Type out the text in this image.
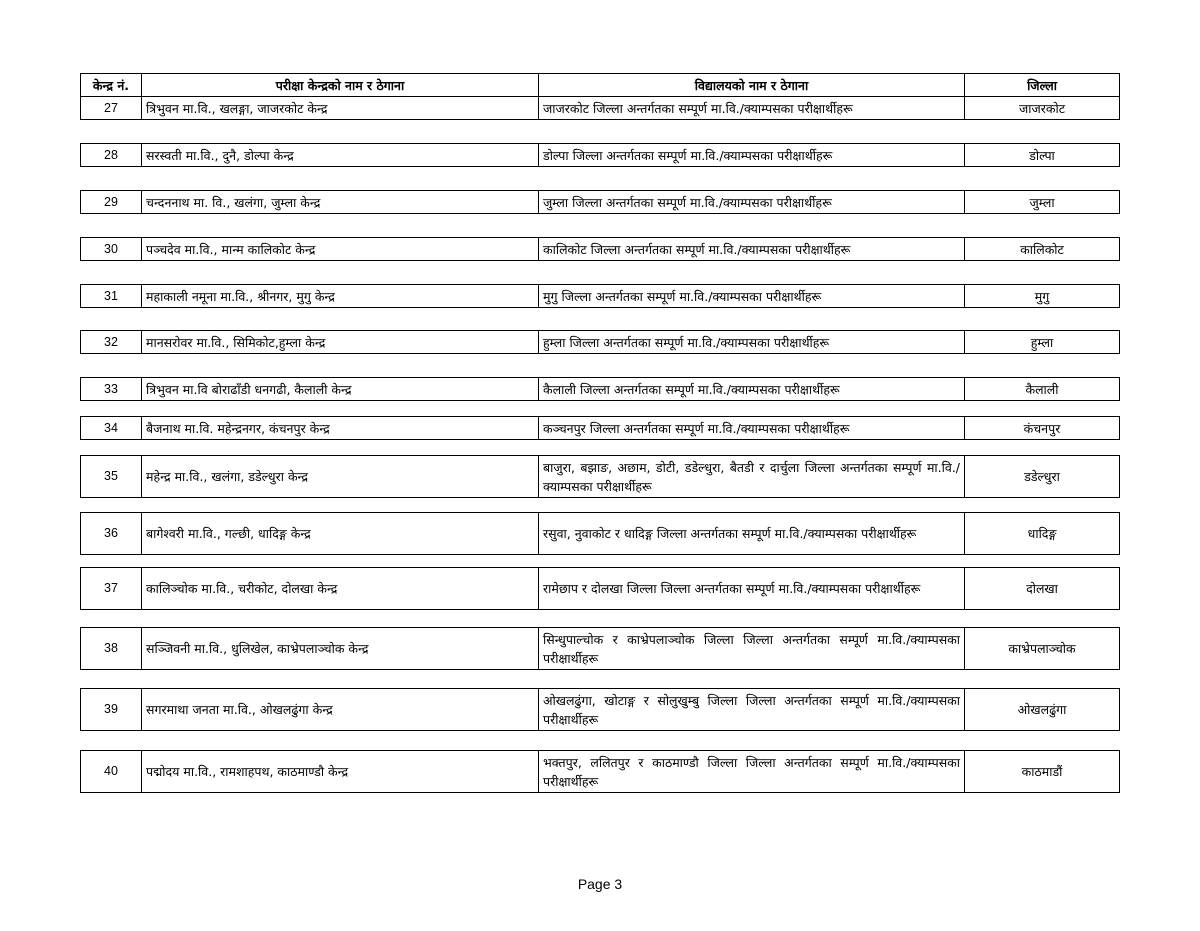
केन्द्र नं.	परीक्षा केन्द्रको नाम र ठेगाना	विद्यालयको नाम र ठेगाना	जिल्ला
27	त्रिभुवन मा.वि., खलङ्गा, जाजरकोट केन्द्र	जाजरकोट जिल्ला अन्तर्गतका सम्पूर्ण मा.वि./क्याम्पसका परीक्षार्थीहरू	जाजरकोट
28	सरस्वती मा.वि., दुनै, डोल्पा केन्द्र	डोल्पा जिल्ला अन्तर्गतका सम्पूर्ण मा.वि./क्याम्पसका परीक्षार्थीहरू	डोल्पा
29	चन्दननाथ मा. वि., खलंगा, जुम्ला केन्द्र	जुम्ला जिल्ला अन्तर्गतका सम्पूर्ण मा.वि./क्याम्पसका परीक्षार्थीहरू	जुम्ला
30	पञ्चदेव मा.वि., मान्म कालिकोट केन्द्र	कालिकोट जिल्ला अन्तर्गतका सम्पूर्ण मा.वि./क्याम्पसका परीक्षार्थीहरू	कालिकोट
31	महाकाली नमूना मा.वि., श्रीनगर, मुगु केन्द्र	मुगु जिल्ला अन्तर्गतका सम्पूर्ण मा.वि./क्याम्पसका परीक्षार्थीहरू	मुगु
32	मानसरोवर मा.वि., सिमिकोट,हुम्ला केन्द्र	हुम्ला जिल्ला अन्तर्गतका सम्पूर्ण मा.वि./क्याम्पसका परीक्षार्थीहरू	हुम्ला
33	त्रिभुवन मा.वि बोराढाँडी धनगढी, कैलाली केन्द्र	कैलाली जिल्ला अन्तर्गतका सम्पूर्ण मा.वि./क्याम्पसका परीक्षार्थीहरू	कैलाली
34	बैजनाथ मा.वि. महेन्द्रनगर, कंचनपुर केन्द्र	कञ्चनपुर जिल्ला अन्तर्गतका सम्पूर्ण मा.वि./क्याम्पसका परीक्षार्थीहरू	कंचनपुर
35	महेन्द्र मा.वि., खलंगा, डडेल्धुरा केन्द्र	बाजुरा, बझाङ, अछाम, डोटी, डडेल्धुरा, बैतडी र दार्चुला जिल्ला अन्तर्गतका सम्पूर्ण मा.वि./क्याम्पसका परीक्षार्थीहरू	डडेल्धुरा
36	बागेश्वरी मा.वि., गल्छी, धादिङ्ग केन्द्र	रसुवा, नुवाकोट र धादिङ्ग जिल्ला अन्तर्गतका सम्पूर्ण मा.वि./क्याम्पसका परीक्षार्थीहरू	धादिङ्ग
37	कालिञ्चोक मा.वि., चरीकोट, दोलखा केन्द्र	रामेछाप र दोलखा जिल्ला जिल्ला अन्तर्गतका सम्पूर्ण मा.वि./क्याम्पसका परीक्षार्थीहरू	दोलखा
38	सञ्जिवनी मा.वि., धुलिखेल, काभ्रेपलाञ्चोक केन्द्र	सिन्धुपाल्चोक र काभ्रेपलाञ्चोक जिल्ला जिल्ला अन्तर्गतका सम्पूर्ण मा.वि./क्याम्पसका परीक्षार्थीहरू	काभ्रेपलाञ्चोक
39	सगरमाथा जनता मा.वि., ओखलढुंगा केन्द्र	ओखलढुंगा, खोटाङ्ग र सोलुखुम्बु जिल्ला जिल्ला अन्तर्गतका सम्पूर्ण मा.वि./क्याम्पसका परीक्षार्थीहरू	ओखलढुंगा
40	पद्मोदय मा.वि., रामशाहपथ, काठमाण्डौ केन्द्र	भक्तपुर, ललितपुर र काठमाण्डौ जिल्ला जिल्ला अन्तर्गतका सम्पूर्ण मा.वि./क्याम्पसका परीक्षार्थीहरू	काठमाडौं
Page 3
